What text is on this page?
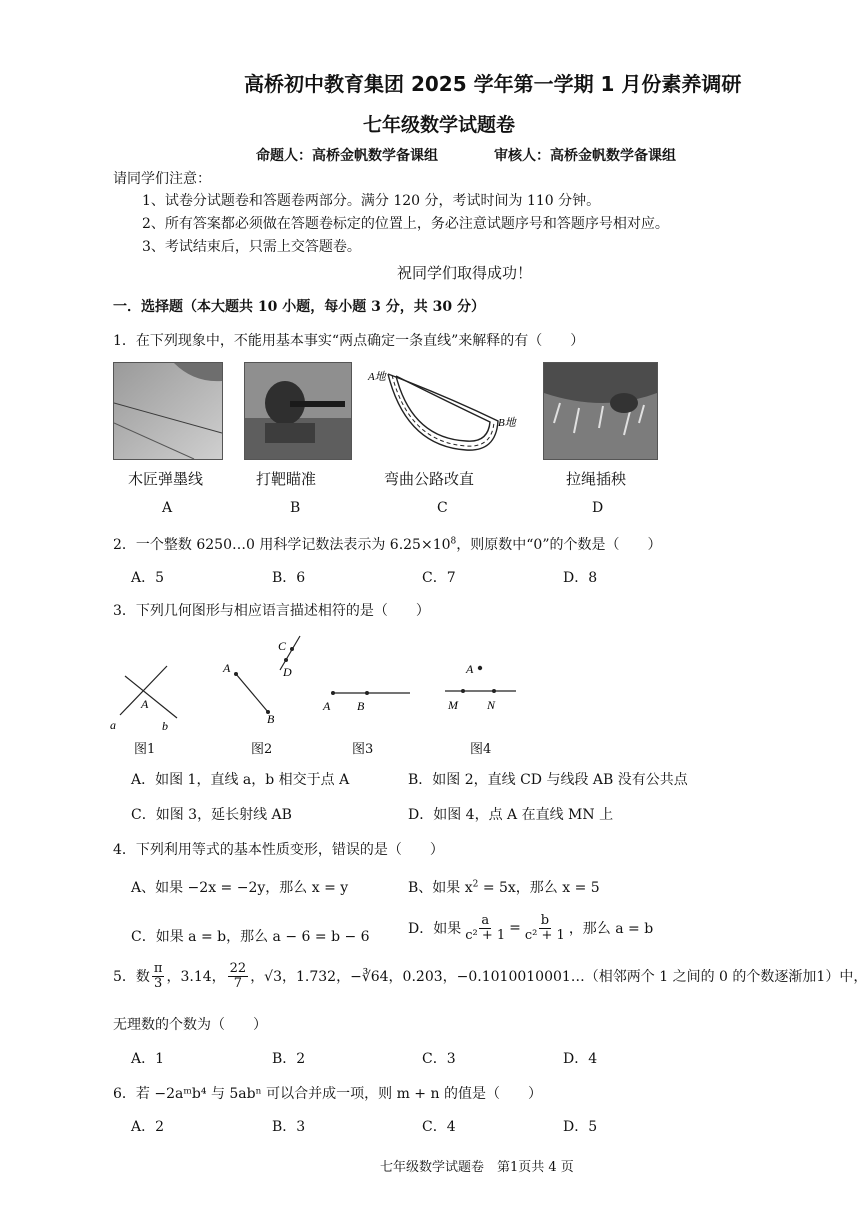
高桥初中教育集团 2025 学年第一学期 1 月份素养调研
七年级数学试题卷
命题人：高桥金帆数学备课组	审核人：高桥金帆数学备课组
请同学们注意：
1、试卷分试题卷和答题卷两部分。满分 120 分，考试时间为 110 分钟。
2、所有答案都必须做在答题卷标定的位置上，务必注意试题序号和答题序号相对应。
3、考试结束后，只需上交答题卷。
祝同学们取得成功！
一．选择题（本大题共 10 小题，每小题 3 分，共 30 分）
1．在下列现象中，不能用基本事实“两点确定一条直线”来解释的有（　　）
A地
B地
木匠弹墨线	打靶瞄准	弯曲公路改直	拉绳插秧
A	B	C	D
2．一个整数 6250…0 用科学记数法表示为 $6.25\times 10^8$，则原数中“0”的个数是（　　）
A．5	B．6	C．7	D．8
3．下列几何图形与相应语言描述相符的是（　　）
a	b
A
A
B
C
D
A B
A
M N
图1	图2	图3	图4
A．如图 1，直线 a，b 相交于点 A	B．如图 2，直线 CD 与线段 AB 没有公共点
C．如图 3，延长射线 AB	D．如图 4，点 A 在直线 MN 上
4．下列利用等式的基本性质变形，错误的是（　　）
A、如果 −2x = −2y，那么 x = y	B、如果 $x^2 = 5x$，那么 x = 5
C．如果 a = b，那么 a − 6 = b − 6	D．如果 $\frac{a}{\text{c² + 1}} = \frac{b}{\text{c² + 1}}$ ，那么 a = b
5．数 $\frac{\pi}{3}$ ，3.14， $\frac{22}{7}$ ，√3，1.732，−∛64，0.2̇03̇，−0.1010010001…（相邻两个 1 之间的 0 的个数逐渐加1）中，
无理数的个数为（　　）
A．1	B．2	C．3	D．4
6．若 −2aᵐb⁴ 与 5abⁿ 可以合并成一项，则 m + n 的值是（　　）
A．2	B．3	C．4	D．5
七年级数学试题卷　第1页共 4 页
